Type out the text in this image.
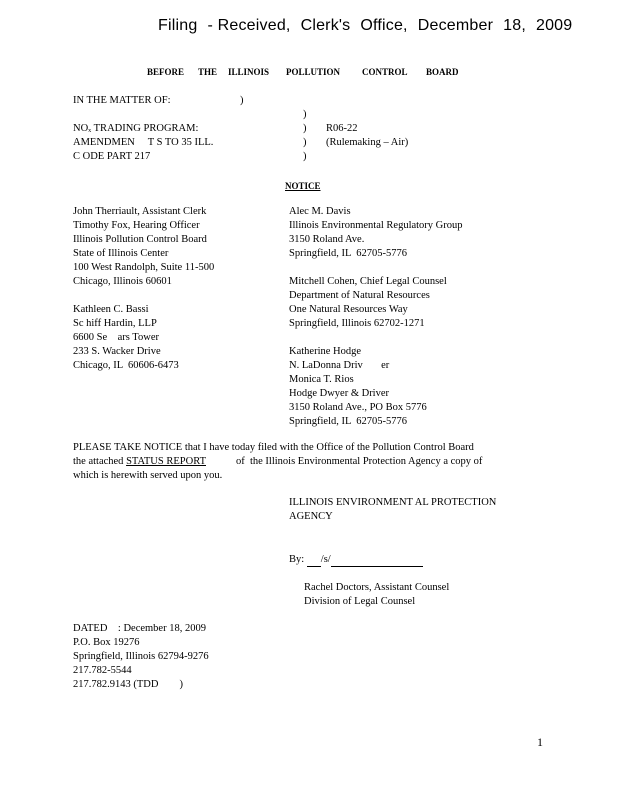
Filing - Received, Clerk's Office, December 18, 2009
BEFORE THE ILLINOIS POLLUTION CONTROL BOARD
IN THE MATTER OF:	)
NOₓ TRADING PROGRAM:
AMENDMEN     T S TO 35 ILL.
C ODE PART 217
)
)
)
)
R06-22
(Rulemaking – Air)
NOTICE
John Therriault, Assistant Clerk
Timothy Fox, Hearing Officer
Illinois Pollution Control Board
State of Illinois Center
100 West Randolph, Suite 11-500
Chicago, Illinois 60601
Kathleen C. Bassi
Sc hiff Hardin, LLP
6600 Se    ars Tower
233 S. Wacker Drive
Chicago, IL  60606-6473
Alec M. Davis
Illinois Environmental Regulatory Group
3150 Roland Ave.
Springfield, IL  62705-5776
Mitchell Cohen, Chief Legal Counsel
Department of Natural Resources
One Natural Resources Way
Springfield, Illinois 62702-1271
Katherine Hodge
N. LaDonna Driv       er
Monica T. Rios
Hodge Dwyer & Driver
3150 Roland Ave., PO Box 5776
Springfield, IL  62705-5776
PLEASE TAKE NOTICE that I have today filed with the Office of the Pollution Control Board
the attached STATUS REPORT	of  the Illinois Environmental Protection Agency a copy of
which is herewith served upon you.
ILLINOIS ENVIRONMENT AL PROTECTION
AGENCY
By: /s/
Rachel Doctors, Assistant Counsel
Division of Legal Counsel
DATED    : December 18, 2009
P.O. Box 19276
Springfield, Illinois 62794-9276
217.782-5544
217.782.9143 (TDD        )
1
